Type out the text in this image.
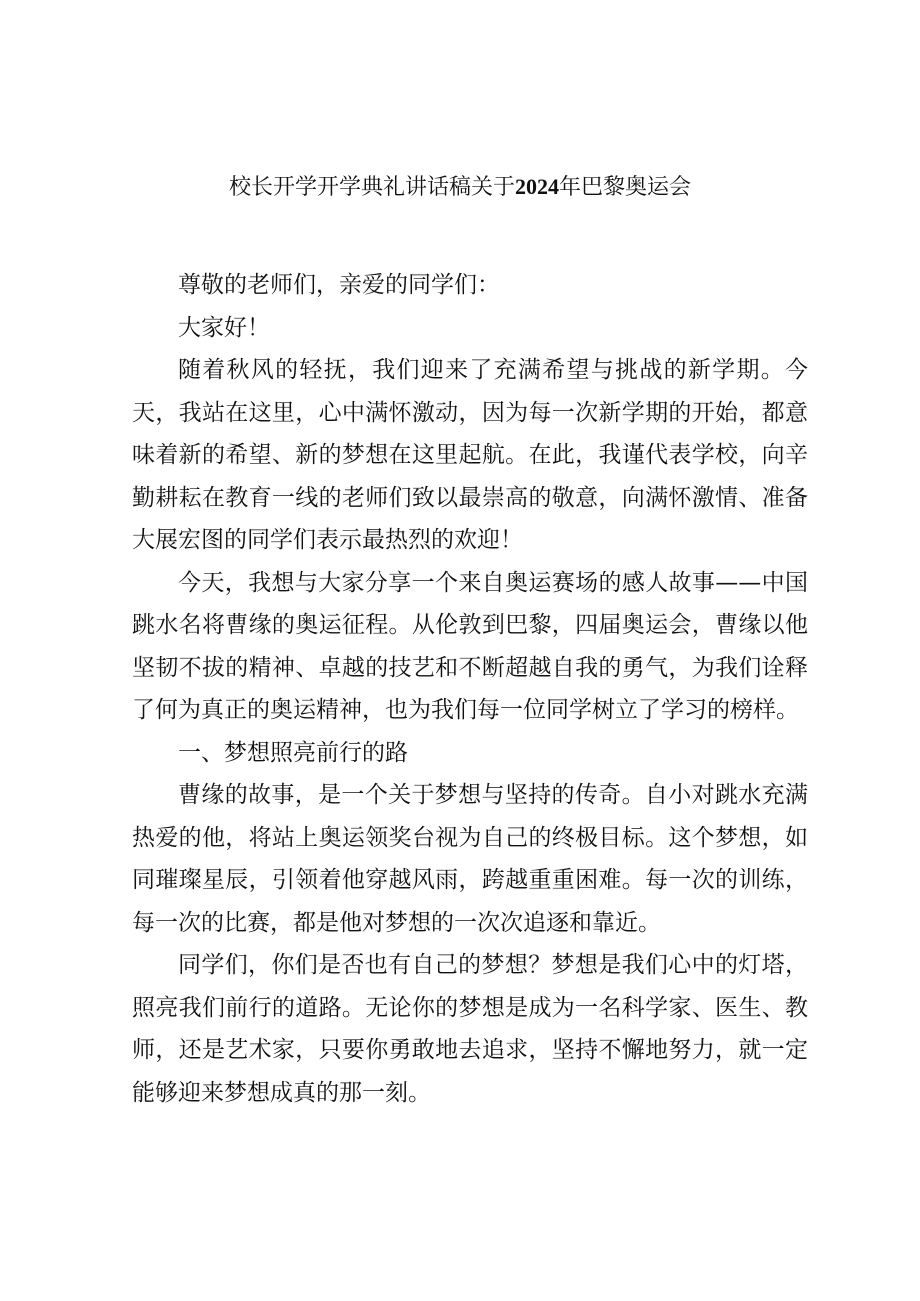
校长开学开学典礼讲话稿关于2024年巴黎奥运会

尊敬的老师们，亲爱的同学们：

大家好！

随着秋风的轻抚，我们迎来了充满希望与挑战的新学期。今天，我站在这里，心中满怀激动，因为每一次新学期的开始，都意味着新的希望、新的梦想在这里起航。在此，我谨代表学校，向辛勤耕耘在教育一线的老师们致以最崇高的敬意，向满怀激情、准备大展宏图的同学们表示最热烈的欢迎！

今天，我想与大家分享一个来自奥运赛场的感人故事——中国跳水名将曹缘的奥运征程。从伦敦到巴黎，四届奥运会，曹缘以他坚韧不拔的精神、卓越的技艺和不断超越自我的勇气，为我们诠释了何为真正的奥运精神，也为我们每一位同学树立了学习的榜样。

一、梦想照亮前行的路

曹缘的故事，是一个关于梦想与坚持的传奇。自小对跳水充满热爱的他，将站上奥运领奖台视为自己的终极目标。这个梦想，如同璀璨星辰，引领着他穿越风雨，跨越重重困难。每一次的训练，每一次的比赛，都是他对梦想的一次次追逐和靠近。

同学们，你们是否也有自己的梦想？梦想是我们心中的灯塔，照亮我们前行的道路。无论你的梦想是成为一名科学家、医生、教师，还是艺术家，只要你勇敢地去追求，坚持不懈地努力，就一定能够迎来梦想成真的那一刻。
